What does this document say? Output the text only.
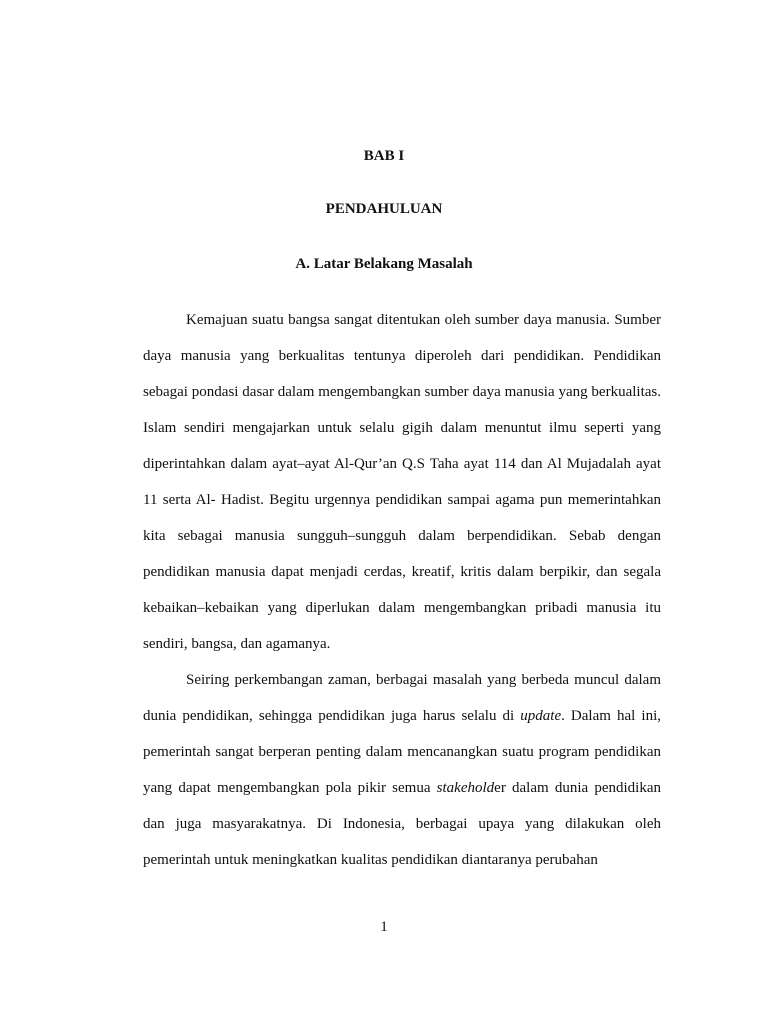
BAB I
PENDAHULUAN
A. Latar Belakang Masalah

Kemajuan suatu bangsa sangat ditentukan oleh sumber daya manusia. Sumber daya manusia yang berkualitas tentunya diperoleh dari pendidikan. Pendidikan sebagai pondasi dasar dalam mengembangkan sumber daya manusia yang berkualitas. Islam sendiri mengajarkan untuk selalu gigih dalam menuntut ilmu seperti yang diperintahkan dalam ayat–ayat Al-Qur’an Q.S Taha ayat 114 dan Al Mujadalah ayat 11 serta Al- Hadist. Begitu urgennya pendidikan sampai agama pun memerintahkan kita sebagai manusia sungguh–sungguh dalam berpendidikan. Sebab dengan pendidikan manusia dapat menjadi cerdas, kreatif, kritis dalam berpikir, dan segala kebaikan–kebaikan yang diperlukan dalam mengembangkan pribadi manusia itu sendiri, bangsa, dan agamanya.

Seiring perkembangan zaman, berbagai masalah yang berbeda muncul dalam dunia pendidikan, sehingga pendidikan juga harus selalu di update. Dalam hal ini, pemerintah sangat berperan penting dalam mencanangkan suatu program pendidikan yang dapat mengembangkan pola pikir semua stakeholder dalam dunia pendidikan dan juga masyarakatnya. Di Indonesia, berbagai upaya yang dilakukan oleh pemerintah untuk meningkatkan kualitas pendidikan diantaranya perubahan

1
